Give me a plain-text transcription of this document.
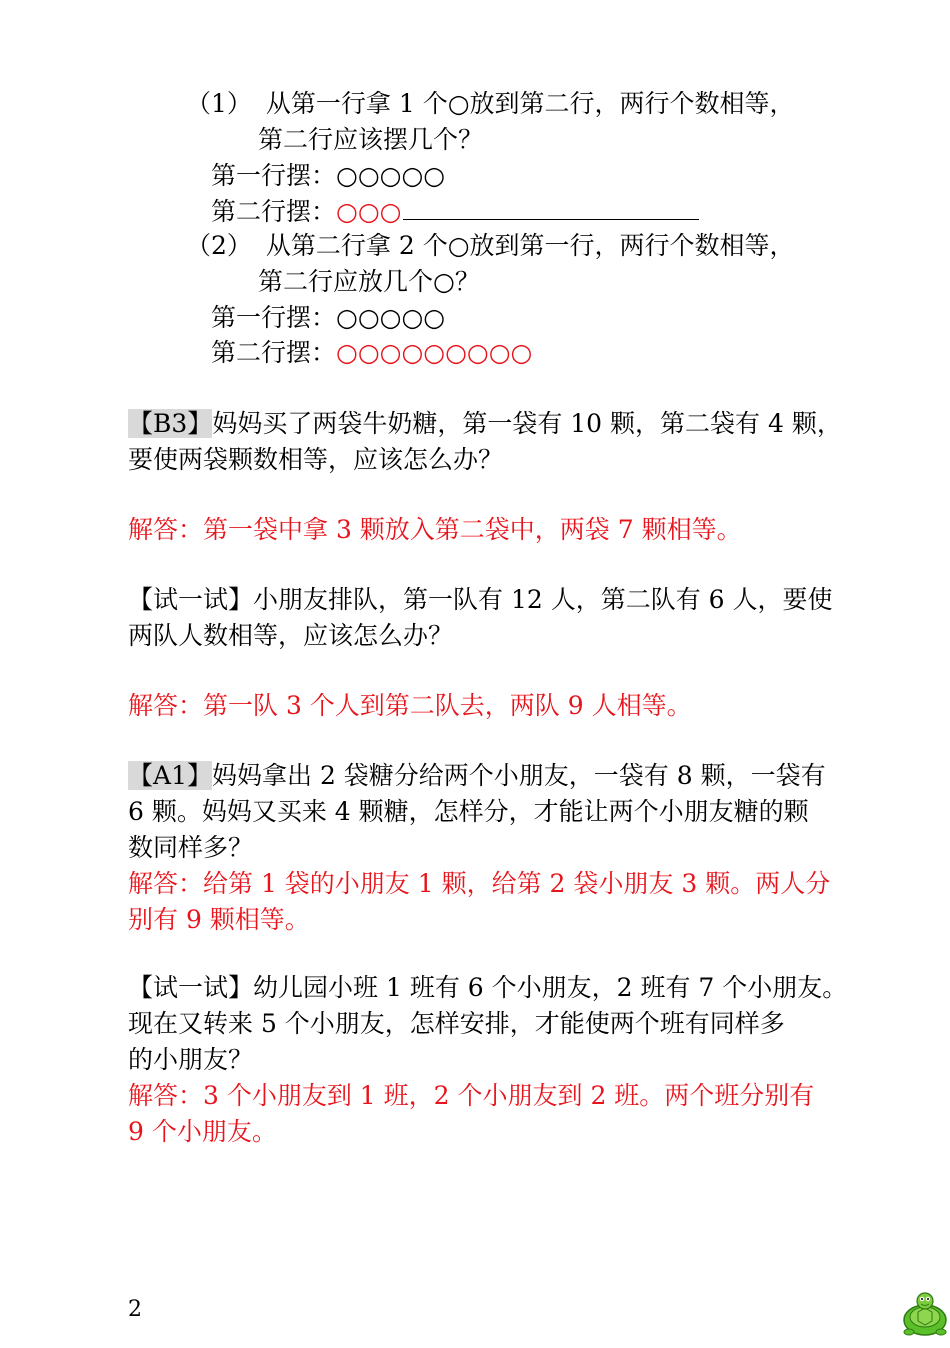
（1） 从第一行拿 1 个○放到第二行，两行个数相等，
第二行应该摆几个？
第一行摆：○○○○○
第二行摆：○○○
（2） 从第二行拿 2 个○放到第一行，两行个数相等，
第二行应放几个○？
第一行摆：○○○○○
第二行摆：○○○○○○○○○
【B3】妈妈买了两袋牛奶糖，第一袋有 10 颗，第二袋有 4 颗，
要使两袋颗数相等，应该怎么办？
解答：第一袋中拿 3 颗放入第二袋中，两袋 7 颗相等。
【试一试】小朋友排队，第一队有 12 人，第二队有 6 人，要使
两队人数相等，应该怎么办？
解答：第一队 3 个人到第二队去，两队 9 人相等。
【A1】妈妈拿出 2 袋糖分给两个小朋友，一袋有 8 颗，一袋有
6 颗。妈妈又买来 4 颗糖，怎样分，才能让两个小朋友糖的颗
数同样多？
解答：给第 1 袋的小朋友 1 颗，给第 2 袋小朋友 3 颗。两人分
别有 9 颗相等。
【试一试】幼儿园小班 1 班有 6 个小朋友，2 班有 7 个小朋友。
现在又转来 5 个小朋友，怎样安排，才能使两个班有同样多
的小朋友？
解答：3 个小朋友到 1 班，2 个小朋友到 2 班。两个班分别有
9 个小朋友。
2
